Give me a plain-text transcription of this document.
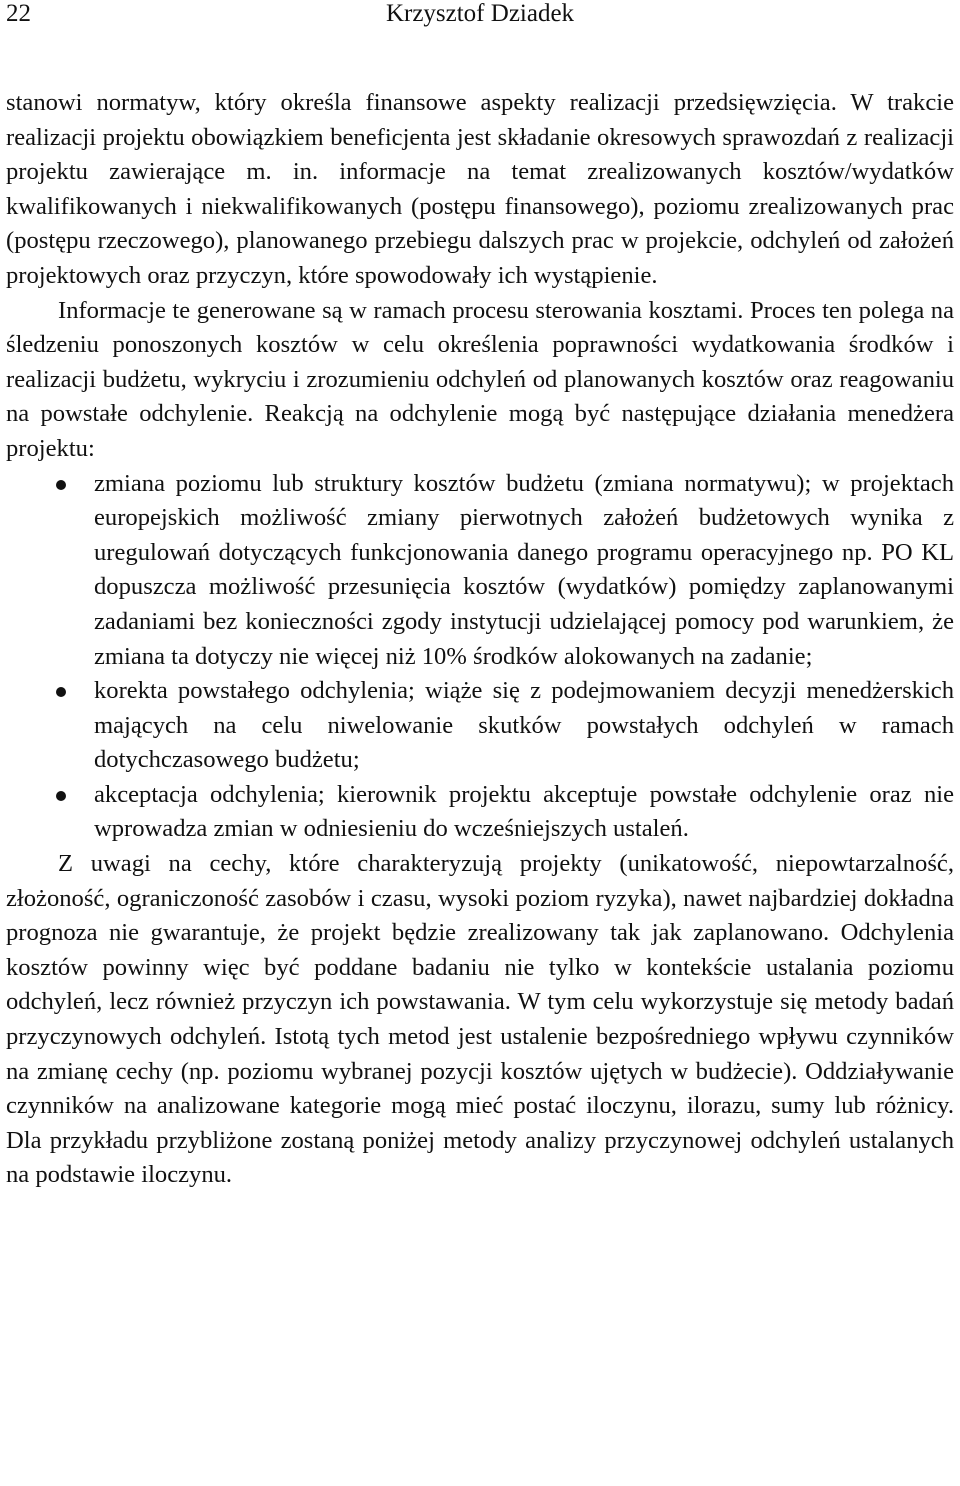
22	Krzysztof Dziadek

stanowi normatyw, który określa finansowe aspekty realizacji przedsięwzięcia. W trakcie realizacji projektu obowiązkiem beneficjenta jest składanie okresowych sprawozdań z realizacji projektu zawierające m. in. informacje na temat zrealizowanych kosztów/wydatków kwalifikowanych i niekwalifikowanych (postępu finansowego), poziomu zrealizowanych prac (postępu rzeczowego), planowanego przebiegu dalszych prac w projekcie, odchyleń od założeń projektowych oraz przyczyn, które spowodowały ich wystąpienie.

Informacje te generowane są w ramach procesu sterowania kosztami. Proces ten polega na śledzeniu ponoszonych kosztów w celu określenia poprawności wydatkowania środków i realizacji budżetu, wykryciu i zrozumieniu odchyleń od planowanych kosztów oraz reagowaniu na powstałe odchylenie. Reakcją na odchylenie mogą być następujące działania menedżera projektu:

zmiana poziomu lub struktury kosztów budżetu (zmiana normatywu); w projektach europejskich możliwość zmiany pierwotnych założeń budżetowych wynika z uregulowań dotyczących funkcjonowania danego programu operacyjnego np. PO KL dopuszcza możliwość przesunięcia kosztów (wydatków) pomiędzy zaplanowanymi zadaniami bez konieczności zgody instytucji udzielającej pomocy pod warunkiem, że zmiana ta dotyczy nie więcej niż 10% środków alokowanych na zadanie;
korekta powstałego odchylenia; wiąże się z podejmowaniem decyzji menedżerskich mających na celu niwelowanie skutków powstałych odchyleń w ramach dotychczasowego budżetu;
akceptacja odchylenia; kierownik projektu akceptuje powstałe odchylenie oraz nie wprowadza zmian w odniesieniu do wcześniejszych ustaleń.

Z uwagi na cechy, które charakteryzują projekty (unikatowość, niepowtarzalność, złożoność, ograniczoność zasobów i czasu, wysoki poziom ryzyka), nawet najbardziej dokładna prognoza nie gwarantuje, że projekt będzie zrealizowany tak jak zaplanowano. Odchylenia kosztów powinny więc być poddane badaniu nie tylko w kontekście ustalania poziomu odchyleń, lecz również przyczyn ich powstawania. W tym celu wykorzystuje się metody badań przyczynowych odchyleń. Istotą tych metod jest ustalenie bezpośredniego wpływu czynników na zmianę cechy (np. poziomu wybranej pozycji kosztów ujętych w budżecie). Oddziaływanie czynników na analizowane kategorie mogą mieć postać iloczynu, ilorazu, sumy lub różnicy. Dla przykładu przybliżone zostaną poniżej metody analizy przyczynowej odchyleń ustalanych na podstawie iloczynu.
